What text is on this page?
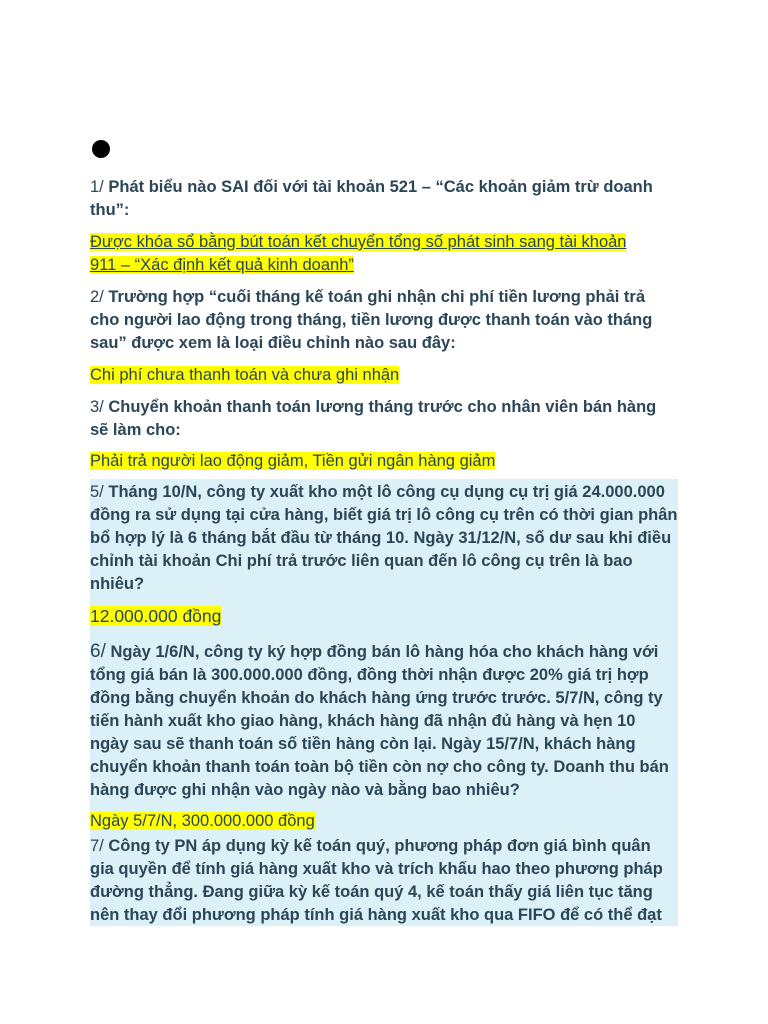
1/ Phát biểu nào SAI đối với tài khoản 521 – “Các khoản giảm trừ doanh thu”:
Được khóa sổ bằng bút toán kết chuyển tổng số phát sinh sang tài khoản
911 – “Xác định kết quả kinh doanh”
2/ Trường hợp “cuối tháng kế toán ghi nhận chi phí tiền lương phải trả cho người lao động trong tháng, tiền lương được thanh toán vào tháng sau” được xem là loại điều chỉnh nào sau đây:
Chi phí chưa thanh toán và chưa ghi nhận
3/ Chuyển khoản thanh toán lương tháng trước cho nhân viên bán hàng sẽ làm cho:
Phải trả người lao động giảm, Tiền gửi ngân hàng giảm
5/ Tháng 10/N, công ty xuất kho một lô công cụ dụng cụ trị giá 24.000.000 đồng ra sử dụng tại cửa hàng, biết giá trị lô công cụ trên có thời gian phân bổ hợp lý là 6 tháng bắt đầu từ tháng 10. Ngày 31/12/N, số dư sau khi điều chỉnh tài khoản Chi phí trả trước liên quan đến lô công cụ trên là bao nhiêu?
12.000.000 đồng
6/ Ngày 1/6/N, công ty ký hợp đồng bán lô hàng hóa cho khách hàng với tổng giá bán là 300.000.000 đồng, đồng thời nhận được 20% giá trị hợp đồng bằng chuyển khoản do khách hàng ứng trước trước. 5/7/N, công ty tiến hành xuất kho giao hàng, khách hàng đã nhận đủ hàng và hẹn 10 ngày sau sẽ thanh toán số tiền hàng còn lại. Ngày 15/7/N, khách hàng chuyển khoản thanh toán toàn bộ tiền còn nợ cho công ty. Doanh thu bán hàng được ghi nhận vào ngày nào và bằng bao nhiêu?
Ngày 5/7/N, 300.000.000 đồng
7/ Công ty PN áp dụng kỳ kế toán quý, phương pháp đơn giá bình quân gia quyền để tính giá hàng xuất kho và trích khấu hao theo phương pháp đường thẳng. Đang giữa kỳ kế toán quý 4, kế toán thấy giá liên tục tăng nên thay đổi phương pháp tính giá hàng xuất kho qua FIFO để có thể đạt
